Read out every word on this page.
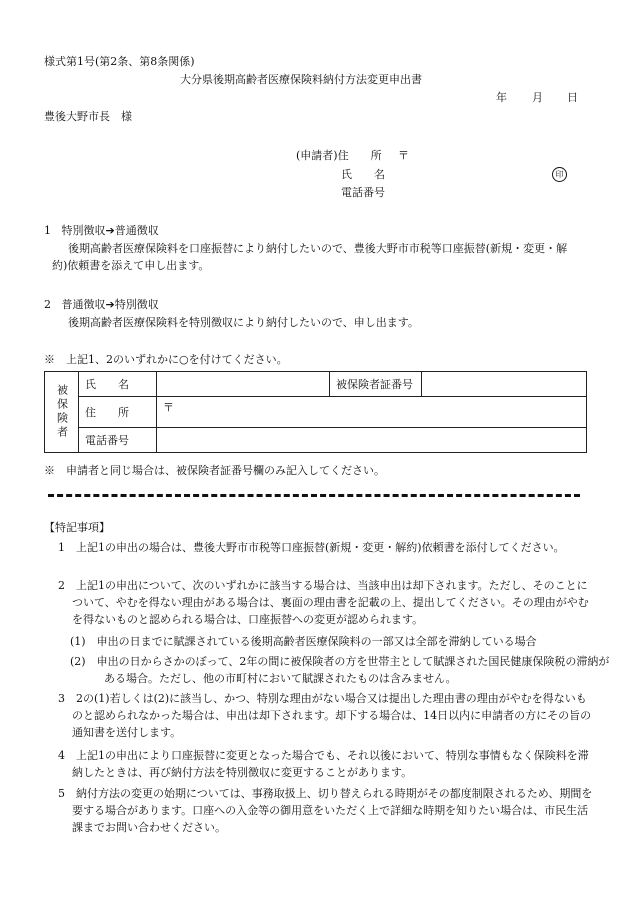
様式第1号(第2条、第8条関係)
大分県後期高齢者医療保険料納付方法変更申出書
年 月 日
豊後大野市長　様
(申請者)住　　所 〒
氏　　名	印
電話番号
1 特別徴収➔普通徴収
後期高齢者医療保険料を口座振替により納付したいので、豊後大野市市税等口座振替(新規・変更・解約)依頼書を添えて申し出ます。
2 普通徴収➔特別徴収
後期高齢者医療保険料を特別徴収により納付したいので、申し出ます。
※　上記1、2のいずれかに○を付けてください。
被保険者	氏　　名		被保険者証番号	
	住　　所	〒		
	電話番号			
※　申請者と同じ場合は、被保険者証番号欄のみ記入してください。
【特記事項】
1　上記1の申出の場合は、豊後大野市市税等口座振替(新規・変更・解約)依頼書を添付してください。
2　上記1の申出について、次のいずれかに該当する場合は、当該申出は却下されます。ただし、そのことについて、やむを得ない理由がある場合は、裏面の理由書を記載の上、提出してください。その理由がやむを得ないものと認められる場合は、口座振替への変更が認められます。
(1)　申出の日までに賦課されている後期高齢者医療保険料の一部又は全部を滞納している場合
(2)　申出の日からさかのぼって、2年の間に被保険者の方を世帯主として賦課された国民健康保険税の滞納がある場合。ただし、他の市町村において賦課されたものは含みません。
3　2の(1)若しくは(2)に該当し、かつ、特別な理由がない場合又は提出した理由書の理由がやむを得ないものと認められなかった場合は、申出は却下されます。却下する場合は、14日以内に申請者の方にその旨の通知書を送付します。
4　上記1の申出により口座振替に変更となった場合でも、それ以後において、特別な事情もなく保険料を滞納したときは、再び納付方法を特別徴収に変更することがあります。
5　納付方法の変更の始期については、事務取扱上、切り替えられる時期がその都度制限されるため、期間を要する場合があります。口座への入金等の御用意をいただく上で詳細な時期を知りたい場合は、市民生活課までお問い合わせください。
